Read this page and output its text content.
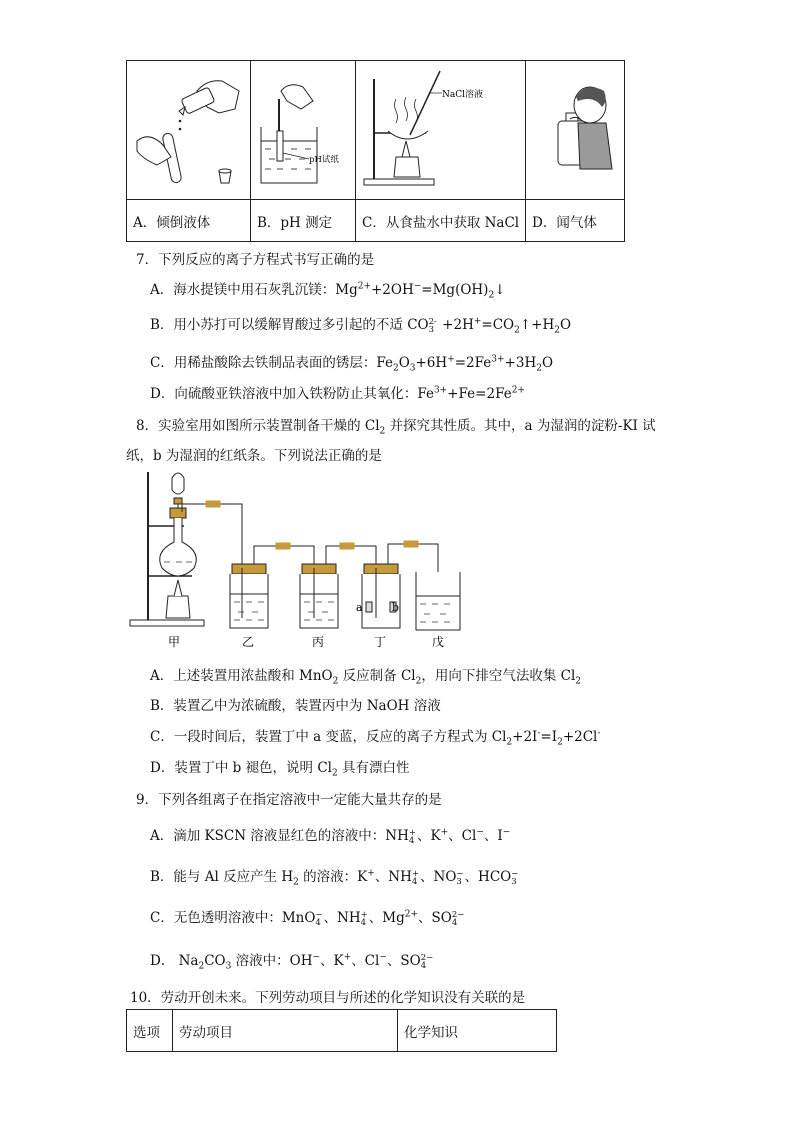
pH试纸	NaCl溶液

A．倾倒液体	B．pH 测定	C．从食盐水中获取 NaCl	D．闻气体
7．下列反应的离子方程式书写正确的是
A．海水提镁中用石灰乳沉镁：$Mg^{2+}+2OH^-=Mg(OH)_2↓$
B．用小苏打可以缓解胃酸过多引起的不适 CO2-
$3 +2H^+=CO_2↑+H_2O$
C．用稀盐酸除去铁制品表面的锈层：$Fe_2O_3+6H^+=2Fe^{3+}+3H_2O$
D．向硫酸亚铁溶液中加入铁粉防止其氧化：$Fe^{3+}+Fe=2Fe^{2+}$
8．实验室用如图所示装置制备干燥的 $Cl_2$ 并探究其性质。其中，a 为湿润的淀粉-KI 试
纸，b 为湿润的红纸条。下列说法正确的是
a	b
甲	乙	丙	丁	戊
A．上述装置用浓盐酸和 MnO$_2$ 反应制备 $Cl_2$，用向下排空气法收集 $Cl_2$
B．装置乙中为浓硫酸，装置丙中为 NaOH 溶液
C．一段时间后，装置丁中 a 变蓝，反应的离子方程式为 $Cl_2+2I^-=I_2+2Cl^-$
D．装置丁中 b 褪色，说明 $Cl_2$ 具有漂白性
9．下列各组离子在指定溶液中一定能大量共存的是
A．滴加 KSCN 溶液显红色的溶液中：NH+
4 、K+、Cl−、I−
B．能与 Al 反应产生 $H_2$ 的溶液：K+、NH+
4 、NO−
3 、HCO−
3
C．无色透明溶液中：MnO−
4 、NH+
4 、$Mg^{2+}$、SO2−
4
D． $Na_2CO_3$ 溶液中：OH−、K+、Cl−、SO2−
4
10．劳动开创未来。下列劳动项目与所述的化学知识没有关联的是
选项	劳动项目	化学知识
